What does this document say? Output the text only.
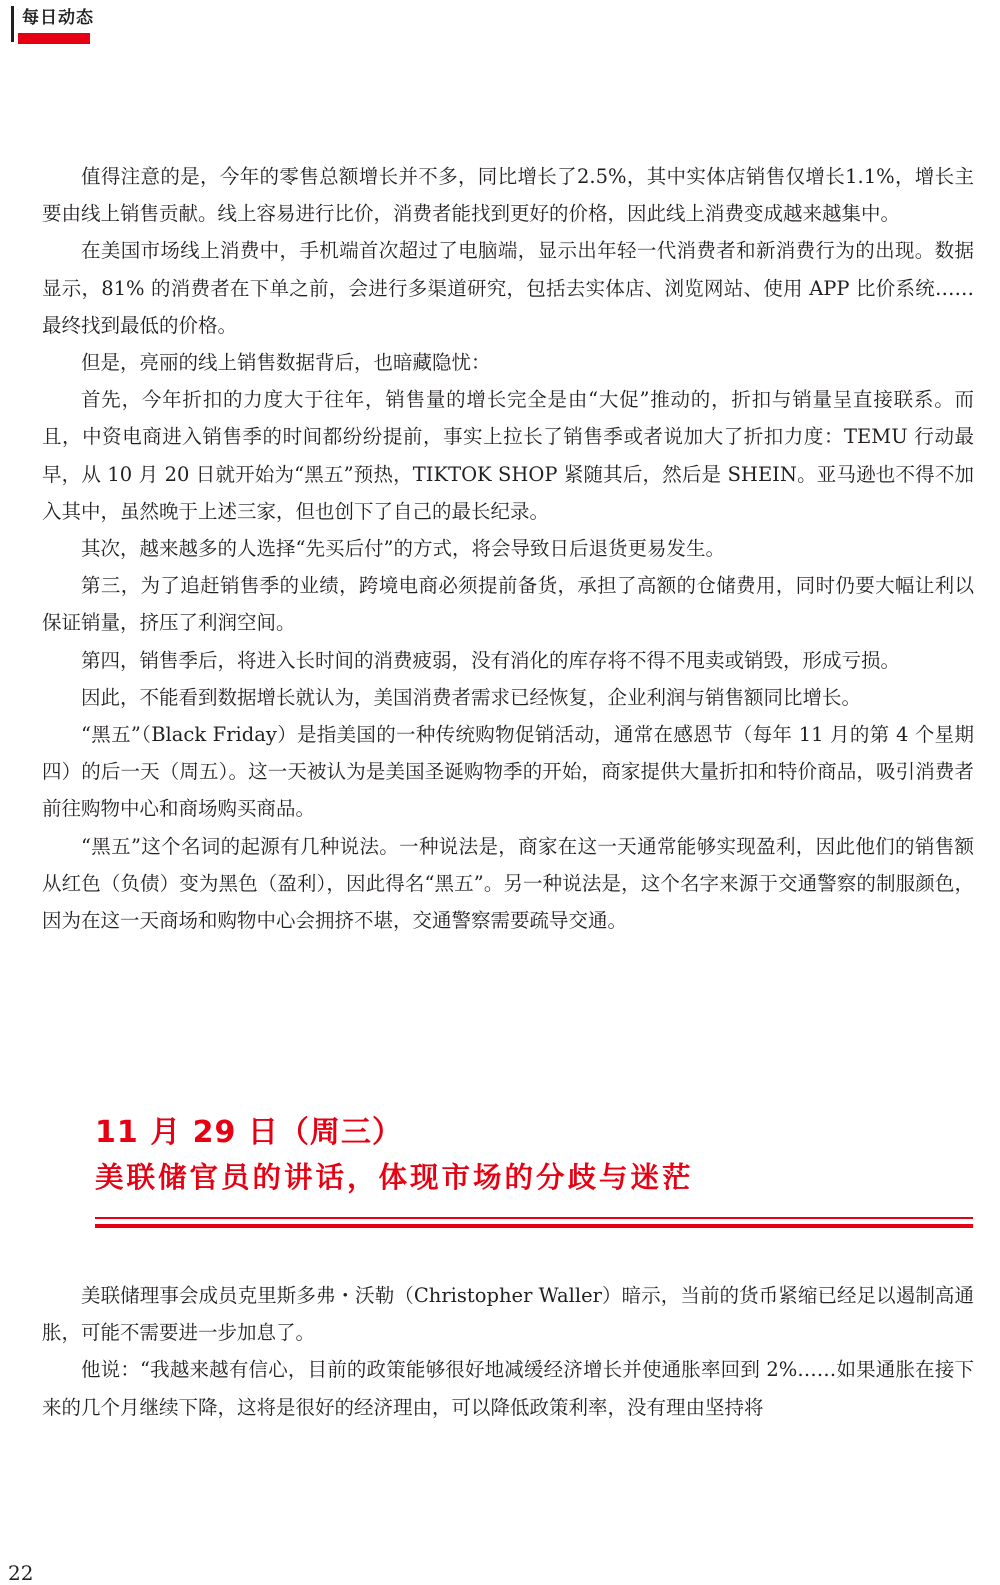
每日动态

值得注意的是，今年的零售总额增长并不多，同比增长了2.5%，其中实体店销售仅增长1.1%，增长主要由线上销售贡献。线上容易进行比价，消费者能找到更好的价格，因此线上消费变成越来越集中。

在美国市场线上消费中，手机端首次超过了电脑端，显示出年轻一代消费者和新消费行为的出现。数据显示，81% 的消费者在下单之前，会进行多渠道研究，包括去实体店、浏览网站、使用 APP 比价系统……最终找到最低的价格。

但是，亮丽的线上销售数据背后，也暗藏隐忧：

首先，今年折扣的力度大于往年，销售量的增长完全是由“大促”推动的，折扣与销量呈直接联系。而且，中资电商进入销售季的时间都纷纷提前，事实上拉长了销售季或者说加大了折扣力度：TEMU 行动最早，从 10 月 20 日就开始为“黑五”预热，TIKTOK SHOP 紧随其后，然后是 SHEIN。亚马逊也不得不加入其中，虽然晚于上述三家，但也创下了自己的最长纪录。

其次，越来越多的人选择“先买后付”的方式，将会导致日后退货更易发生。

第三，为了追赶销售季的业绩，跨境电商必须提前备货，承担了高额的仓储费用，同时仍要大幅让利以保证销量，挤压了利润空间。

第四，销售季后，将进入长时间的消费疲弱，没有消化的库存将不得不甩卖或销毁，形成亏损。

因此，不能看到数据增长就认为，美国消费者需求已经恢复，企业利润与销售额同比增长。

“黑五”（Black Friday）是指美国的一种传统购物促销活动，通常在感恩节（每年 11 月的第 4 个星期四）的后一天（周五）。这一天被认为是美国圣诞购物季的开始，商家提供大量折扣和特价商品，吸引消费者前往购物中心和商场购买商品。

“黑五”这个名词的起源有几种说法。一种说法是，商家在这一天通常能够实现盈利，因此他们的销售额从红色（负债）变为黑色（盈利），因此得名“黑五”。另一种说法是，这个名字来源于交通警察的制服颜色，因为在这一天商场和购物中心会拥挤不堪，交通警察需要疏导交通。

11 月 29 日（周三）
美联储官员的讲话，体现市场的分歧与迷茫

美联储理事会成员克里斯多弗・沃勒（Christopher Waller）暗示，当前的货币紧缩已经足以遏制高通胀，可能不需要进一步加息了。

他说：“我越来越有信心，目前的政策能够很好地减缓经济增长并使通胀率回到 2%……如果通胀在接下来的几个月继续下降，这将是很好的经济理由，可以降低政策利率，没有理由坚持将

22
